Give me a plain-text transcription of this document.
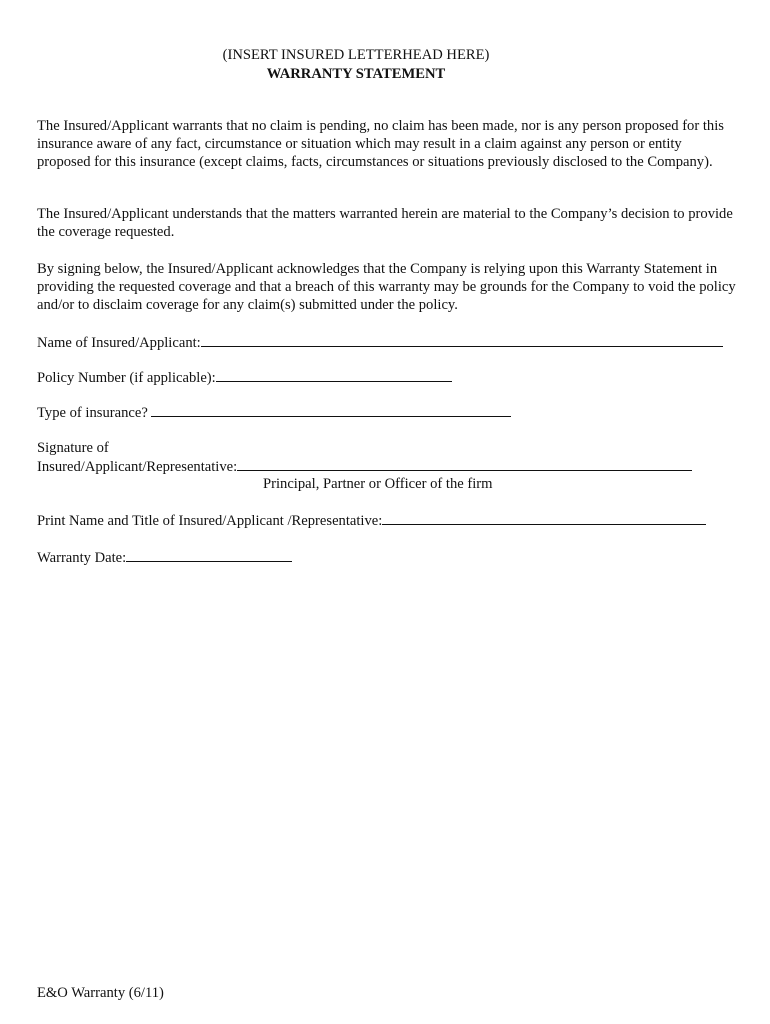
(INSERT INSURED LETTERHEAD HERE)
WARRANTY STATEMENT

The Insured/Applicant warrants that no claim is pending, no claim has been made, nor is any person proposed for this insurance aware of any fact, circumstance or situation which may result in a claim against any person or entity proposed for this insurance (except claims, facts, circumstances or situations previously disclosed to the Company).

The Insured/Applicant understands that the matters warranted herein are material to the Company’s decision to provide the coverage requested.

By signing below, the Insured/Applicant acknowledges that the Company is relying upon this Warranty Statement in providing the requested coverage and that a breach of this warranty may be grounds for the Company to void the policy and/or to disclaim coverage for any claim(s) submitted under the policy.

Name of Insured/Applicant:
Policy Number (if applicable):
Type of insurance?
Signature of
Insured/Applicant/Representative:
Principal, Partner or Officer of the firm
Print Name and Title of Insured/Applicant /Representative:
Warranty Date:
E&O Warranty (6/11)
